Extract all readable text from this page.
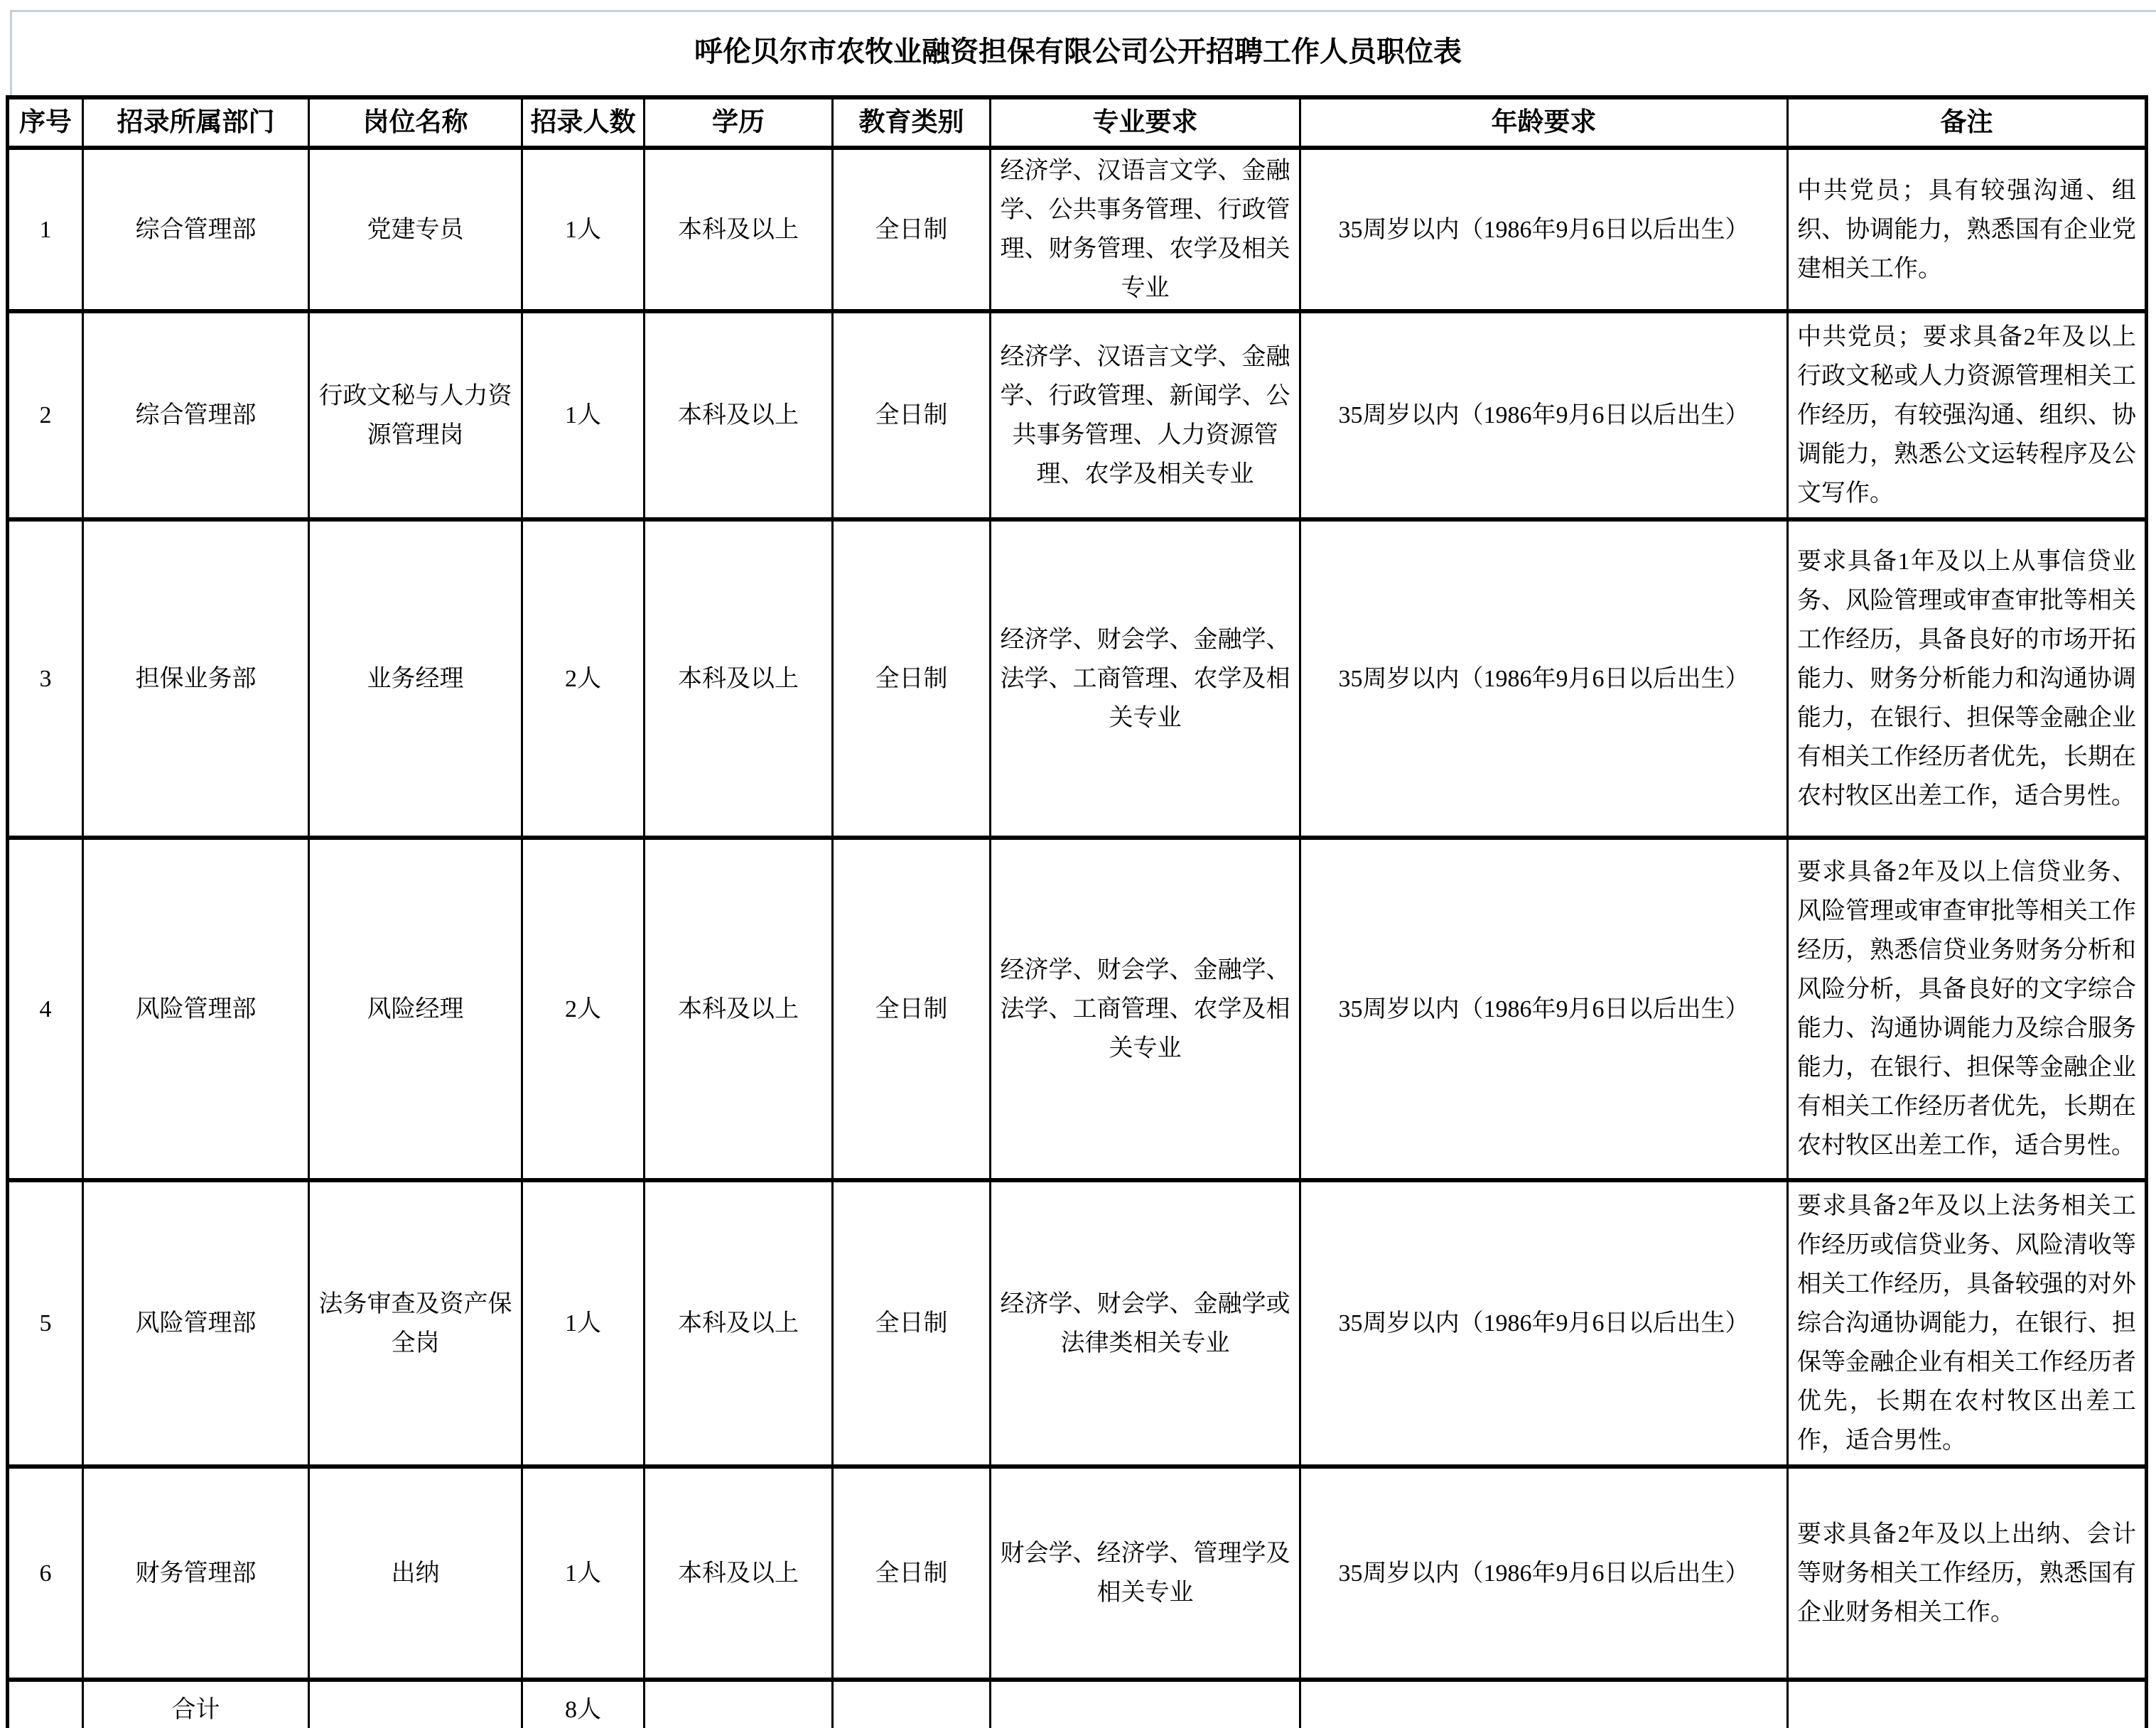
呼伦贝尔市农牧业融资担保有限公司公开招聘工作人员职位表
序号	招录所属部门	岗位名称	招录人数	学历	教育类别	专业要求	年龄要求	备注
1	综合管理部	党建专员	1人	本科及以上	全日制	经济学、汉语言文学、金融学、公共事务管理、行政管理、财务管理、农学及相关专业	35周岁以内（1986年9月6日以后出生）	中共党员；具有较强沟通、组织、协调能力，熟悉国有企业党建相关工作。
2	综合管理部	行政文秘与人力资源管理岗	1人	本科及以上	全日制	经济学、汉语言文学、金融学、行政管理、新闻学、公共事务管理、人力资源管理、农学及相关专业	35周岁以内（1986年9月6日以后出生）	中共党员；要求具备2年及以上行政文秘或人力资源管理相关工作经历，有较强沟通、组织、协调能力，熟悉公文运转程序及公文写作。
3	担保业务部	业务经理	2人	本科及以上	全日制	经济学、财会学、金融学、法学、工商管理、农学及相关专业	35周岁以内（1986年9月6日以后出生）	要求具备1年及以上从事信贷业务、风险管理或审查审批等相关工作经历，具备良好的市场开拓能力、财务分析能力和沟通协调能力，在银行、担保等金融企业有相关工作经历者优先，长期在农村牧区出差工作，适合男性。
4	风险管理部	风险经理	2人	本科及以上	全日制	经济学、财会学、金融学、法学、工商管理、农学及相关专业	35周岁以内（1986年9月6日以后出生）	要求具备2年及以上信贷业务、风险管理或审查审批等相关工作经历，熟悉信贷业务财务分析和风险分析，具备良好的文字综合能力、沟通协调能力及综合服务能力，在银行、担保等金融企业有相关工作经历者优先，长期在农村牧区出差工作，适合男性。
5	风险管理部	法务审查及资产保全岗	1人	本科及以上	全日制	经济学、财会学、金融学或法律类相关专业	35周岁以内（1986年9月6日以后出生）	要求具备2年及以上法务相关工作经历或信贷业务、风险清收等相关工作经历，具备较强的对外综合沟通协调能力，在银行、担保等金融企业有相关工作经历者优先，长期在农村牧区出差工作，适合男性。
6	财务管理部	出纳	1人	本科及以上	全日制	财会学、经济学、管理学及相关专业	35周岁以内（1986年9月6日以后出生）	要求具备2年及以上出纳、会计等财务相关工作经历，熟悉国有企业财务相关工作。
	合计		8人					
